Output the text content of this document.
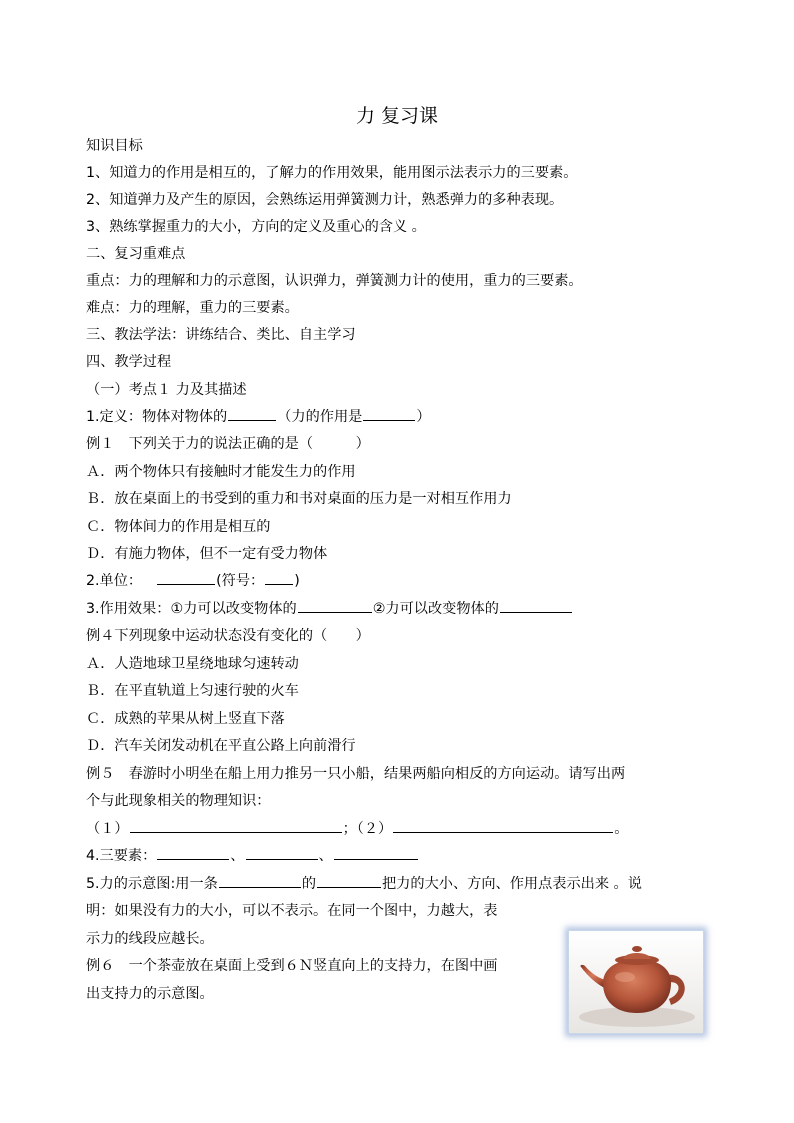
力 复习课
知识目标
1、知道力的作用是相互的，了解力的作用效果，能用图示法表示力的三要素。
2、知道弹力及产生的原因，会熟练运用弹簧测力计，熟悉弹力的多种表现。
3、熟练掌握重力的大小，方向的定义及重心的含义 。
二、复习重难点
重点：力的理解和力的示意图，认识弹力，弹簧测力计的使用，重力的三要素。
难点：力的理解，重力的三要素。
三、教法学法：讲练结合、类比、自主学习
四、教学过程
（一）考点１ 力及其描述
1.定义：物体对物体的	（力的作用是	）
例１　下列关于力的说法正确的是（　　　）
Ａ．两个物体只有接触时才能发生力的作用
Ｂ．放在桌面上的书受到的重力和书对桌面的压力是一对相互作用力
Ｃ．物体间力的作用是相互的
Ｄ．有施力物体，但不一定有受力物体
2.单位：	(符号： )
3.作用效果：①力可以改变物体的	②力可以改变物体的
例４下列现象中运动状态没有变化的（　　）
Ａ．人造地球卫星绕地球匀速转动
Ｂ．在平直轨道上匀速行驶的火车
Ｃ．成熟的苹果从树上竖直下落
Ｄ．汽车关闭发动机在平直公路上向前滑行
例５　春游时小明坐在船上用力推另一只小船，结果两船向相反的方向运动。请写出两
个与此现象相关的物理知识：
（１）	；（２）	。
4.三要素：	、	、
5.力的示意图:用一条	的	把力的大小、方向、作用点表示出来 。说
明：如果没有力的大小，可以不表示。在同一个图中，力越大，表
示力的线段应越长。
例６　一个茶壶放在桌面上受到６Ｎ竖直向上的支持力，在图中画
出支持力的示意图。
